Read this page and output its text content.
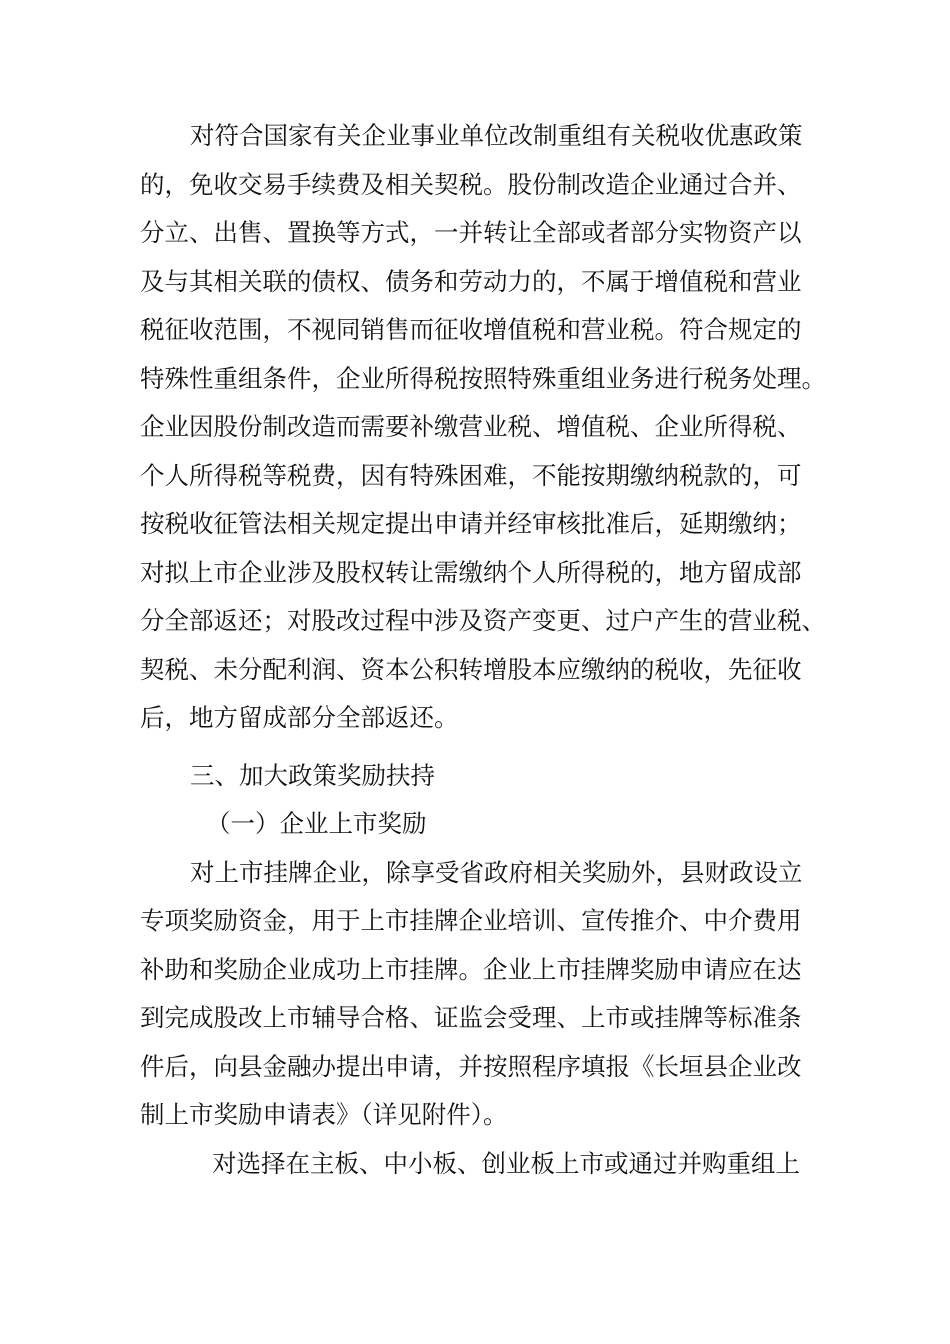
对符合国家有关企业事业单位改制重组有关税收优惠政策
的，免收交易手续费及相关契税。股份制改造企业通过合并、
分立、出售、置换等方式，一并转让全部或者部分实物资产以
及与其相关联的债权、债务和劳动力的，不属于增值税和营业
税征收范围，不视同销售而征收增值税和营业税。符合规定的
特殊性重组条件，企业所得税按照特殊重组业务进行税务处理。
企业因股份制改造而需要补缴营业税、增值税、企业所得税、
个人所得税等税费，因有特殊困难，不能按期缴纳税款的，可
按税收征管法相关规定提出申请并经审核批准后，延期缴纳；
对拟上市企业涉及股权转让需缴纳个人所得税的，地方留成部
分全部返还；对股改过程中涉及资产变更、过户产生的营业税、
契税、未分配利润、资本公积转增股本应缴纳的税收，先征收
后，地方留成部分全部返还。
三、加大政策奖励扶持
（一）企业上市奖励
对上市挂牌企业，除享受省政府相关奖励外，县财政设立
专项奖励资金，用于上市挂牌企业培训、宣传推介、中介费用
补助和奖励企业成功上市挂牌。企业上市挂牌奖励申请应在达
到完成股改上市辅导合格、证监会受理、上市或挂牌等标准条
件后，向县金融办提出申请，并按照程序填报《长垣县企业改
制上市奖励申请表》（详见附件）。
对选择在主板、中小板、创业板上市或通过并购重组上
